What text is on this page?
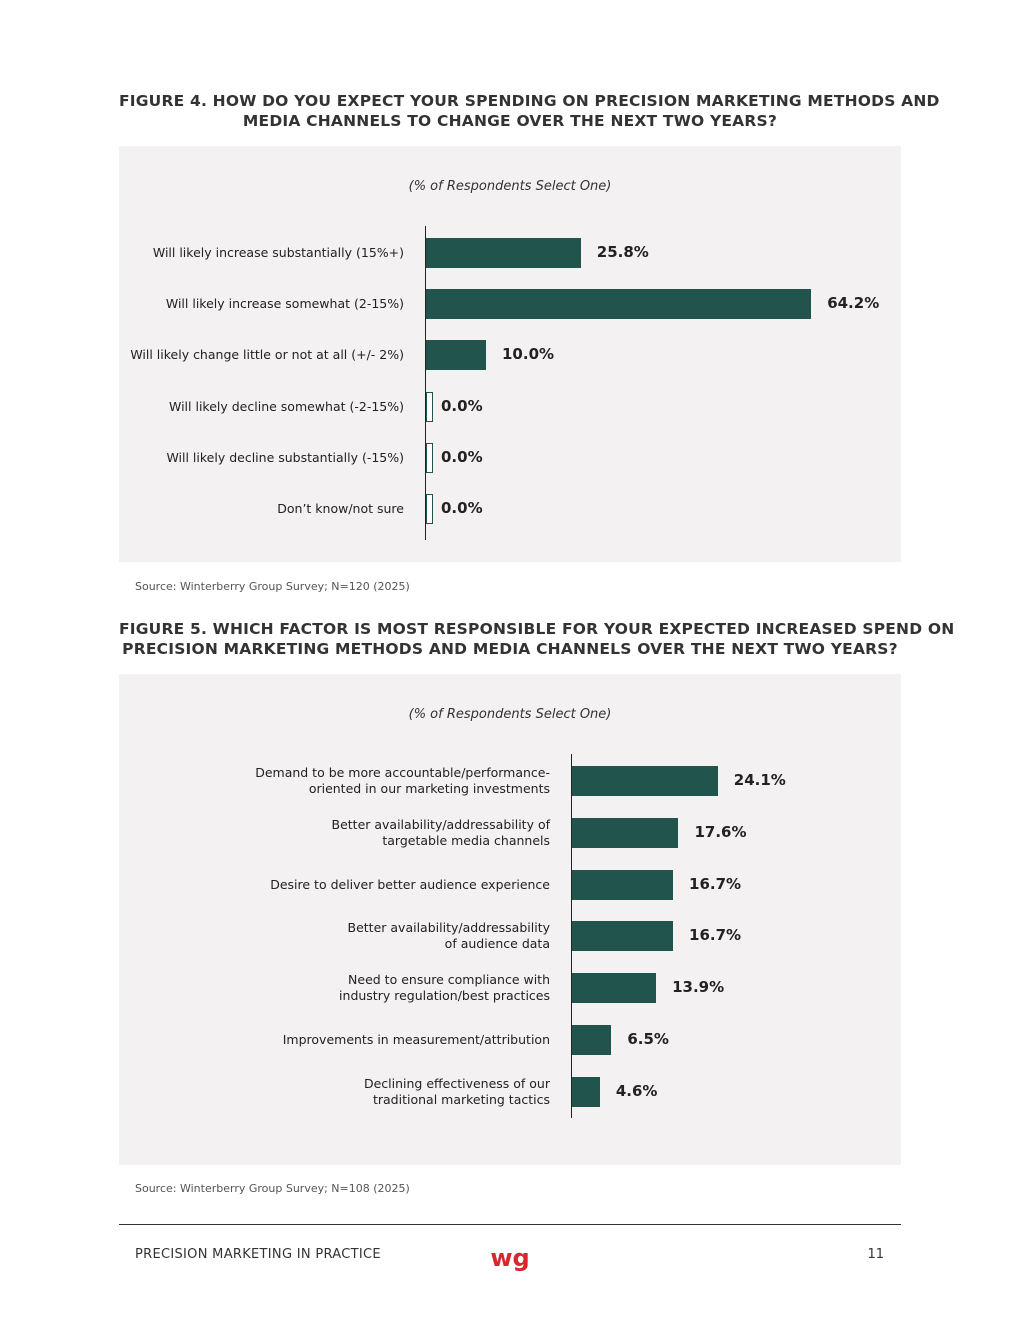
FIGURE 4. HOW DO YOU EXPECT YOUR SPENDING ON PRECISION MARKETING METHODS AND
MEDIA CHANNELS TO CHANGE OVER THE NEXT TWO YEARS?
(% of Respondents Select One)
Will likely increase substantially (15%+)	25.8%
Will likely increase somewhat (2-15%)	64.2%
Will likely change little or not at all (+/- 2%)	10.0%
Will likely decline somewhat (-2-15%) 0.0%
Will likely decline substantially (-15%) 0.0%
Don’t know/not sure 0.0%
Source: Winterberry Group Survey; N=120 (2025)
FIGURE 5. WHICH FACTOR IS MOST RESPONSIBLE FOR YOUR EXPECTED INCREASED SPEND ON
PRECISION MARKETING METHODS AND MEDIA CHANNELS OVER THE NEXT TWO YEARS?
(% of Respondents Select One)
Demand to be more accountable/performance-
oriented in our marketing investments	24.1%
Better availability/addressability of
targetable media channels	17.6%
Desire to deliver better audience experience	16.7%
Better availability/addressability
of audience data	16.7%
Need to ensure compliance with
industry regulation/best practices	13.9%
Improvements in measurement/attribution	6.5%
Declining effectiveness of our
traditional marketing tactics	4.6%
Source: Winterberry Group Survey; N=108 (2025)
PRECISION MARKETING IN PRACTICE	wg	11
